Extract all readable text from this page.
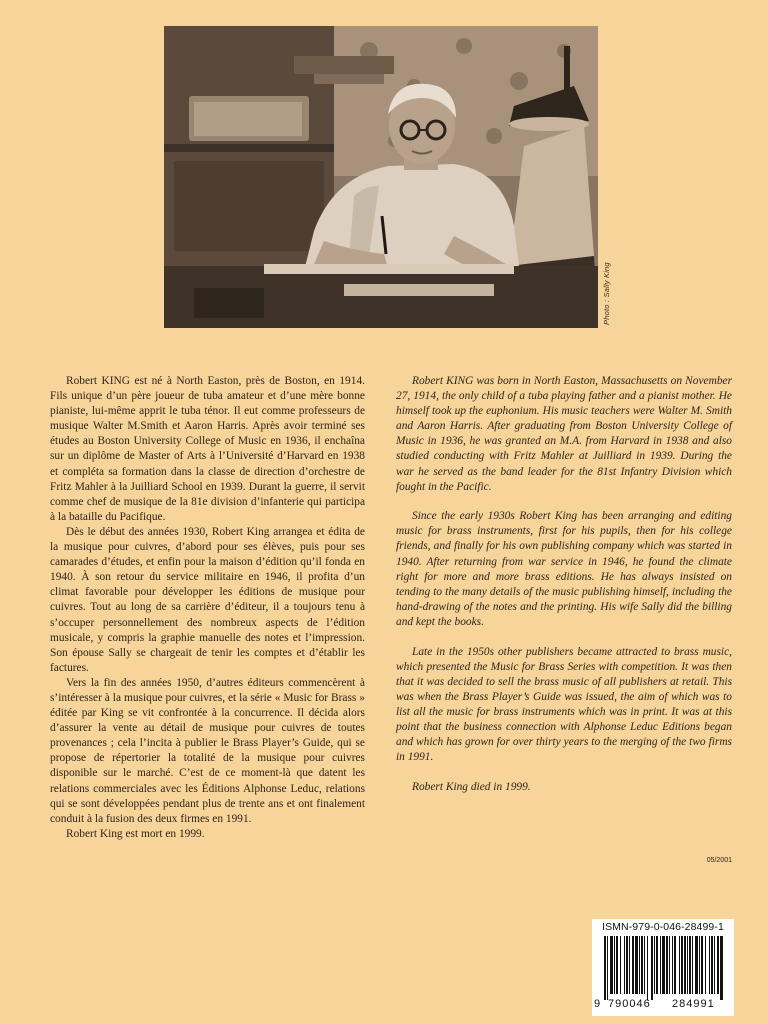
Photo : Sally King

Robert KING est né à North Easton, près de Boston, en 1914. Fils unique d’un père joueur de tuba amateur et d’une mère bonne pianiste, lui-même apprit le tuba ténor. Il eut comme professeurs de musique Walter M.Smith et Aaron Harris. Après avoir terminé ses études au Boston University College of Music en 1936, il enchaîna sur un diplôme de Master of Arts à l’Université d’Harvard en 1938 et compléta sa formation dans la classe de direction d’orchestre de Fritz Mahler à la Juilliard School en 1939. Durant la guerre, il servit comme chef de musique de la 81e division d’infanterie qui participa à la bataille du Pacifique.

Dès le début des années 1930, Robert King arrangea et édita de la musique pour cuivres, d’abord pour ses élèves, puis pour ses camarades d’études, et enfin pour la maison d’édition qu’il fonda en 1940. À son retour du service militaire en 1946, il profita d’un climat favorable pour développer les éditions de musique pour cuivres. Tout au long de sa carrière d’éditeur, il a toujours tenu à s’occuper personnellement des nombreux aspects de l’édition musicale, y compris la graphie manuelle des notes et l’impression. Son épouse Sally se chargeait de tenir les comptes et d’établir les factures.

Vers la fin des années 1950, d’autres éditeurs commencèrent à s’intéresser à la musique pour cuivres, et la série « Music for Brass » éditée par King se vit confrontée à la concurrence. Il décida alors d’assurer la vente au détail de musique pour cuivres de toutes provenances ; cela l’incita à publier le Brass Player’s Guide, qui se propose de répertorier la totalité de la musique pour cuivres disponible sur le marché. C’est de ce moment-là que datent les relations commerciales avec les Éditions Alphonse Leduc, relations qui se sont développées pendant plus de trente ans et ont finalement conduit à la fusion des deux firmes en 1991.

Robert King est mort en 1999.

Robert KING was born in North Easton, Massachusetts on November 27, 1914, the only child of a tuba playing father and a pianist mother. He himself took up the euphonium. His music teachers were Walter M. Smith and Aaron Harris. After graduating from Boston University College of Music in 1936, he was granted an M.A. from Harvard in 1938 and also studied conducting with Fritz Mahler at Juilliard in 1939. During the war he served as the band leader for the 81st Infantry Division which fought in the Pacific.

Since the early 1930s Robert King has been arranging and editing music for brass instruments, first for his pupils, then for his college friends, and finally for his own publishing company which was started in 1940. After returning from war service in 1946, he found the climate right for more and more brass editions. He has always insisted on tending to the many details of the music publishing himself, including the hand-drawing of the notes and the printing. His wife Sally did the billing and kept the books.

Late in the 1950s other publishers became attracted to brass music, which presented the Music for Brass Series with competition. It was then that it was decided to sell the brass music of all publishers at retail. This was when the Brass Player’s Guide was issued, the aim of which was to list all the music for brass instruments which was in print. It was at this point that the business connection with Alphonse Leduc Editions began and which has grown for over thirty years to the merging of the two firms in 1991.

Robert King died in 1999.

05/2001
ISMN-979-0-046-28499-1
9 790046 284991
